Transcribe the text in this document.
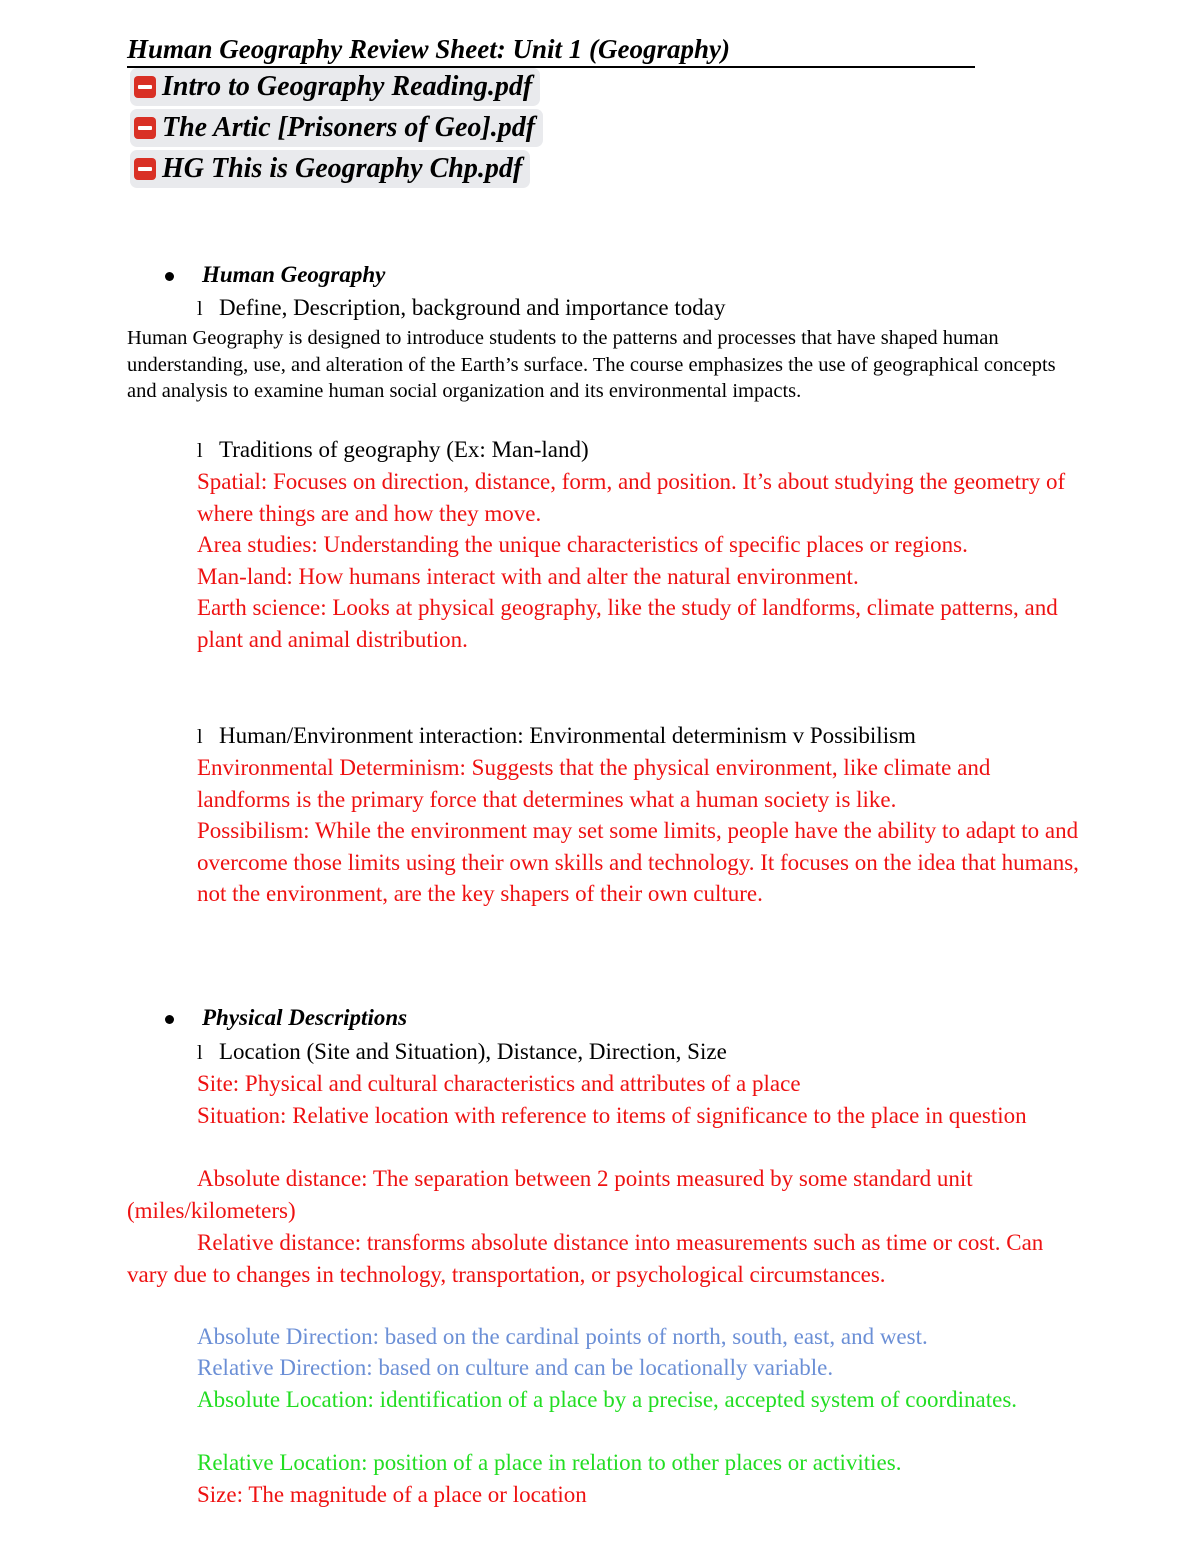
Human Geography Review Sheet: Unit 1 (Geography)
Intro to Geography Reading.pdf
The Artic [Prisoners of Geo].pdf
HG This is Geography Chp.pdf
Human Geography
l Define, Description, background and importance today
Human Geography is designed to introduce students to the patterns and processes that have shaped human understanding, use, and alteration of the Earth’s surface. The course emphasizes the use of geographical concepts and analysis to examine human social organization and its environmental impacts.
l Traditions of geography (Ex: Man-land)

Spatial: Focuses on direction, distance, form, and position. It’s about studying the geometry of where things are and how they move.

Area studies: Understanding the unique characteristics of specific places or regions.

Man-land: How humans interact with and alter the natural environment.

Earth science: Looks at physical geography, like the study of landforms, climate patterns, and plant and animal distribution.

l Human/Environment interaction: Environmental determinism v Possibilism

Environmental Determinism: Suggests that the physical environment, like climate and landforms is the primary force that determines what a human society is like.

Possibilism: While the environment may set some limits, people have the ability to adapt to and overcome those limits using their own skills and technology. It focuses on the idea that humans, not the environment, are the key shapers of their own culture.

Physical Descriptions
l Location (Site and Situation), Distance, Direction, Size

Site: Physical and cultural characteristics and attributes of a place

Situation: Relative location with reference to items of significance to the place in question

Absolute distance: The separation between 2 points measured by some standard unit (miles/kilometers)
Relative distance: transforms absolute distance into measurements such as time or cost. Can vary due to changes in technology, transportation, or psychological circumstances.
Absolute Direction: based on the cardinal points of north, south, east, and west.
Relative Direction: based on culture and can be locationally variable.
Absolute Location: identification of a place by a precise, accepted system of coordinates.
Relative Location: position of a place in relation to other places or activities.
Size: The magnitude of a place or location
